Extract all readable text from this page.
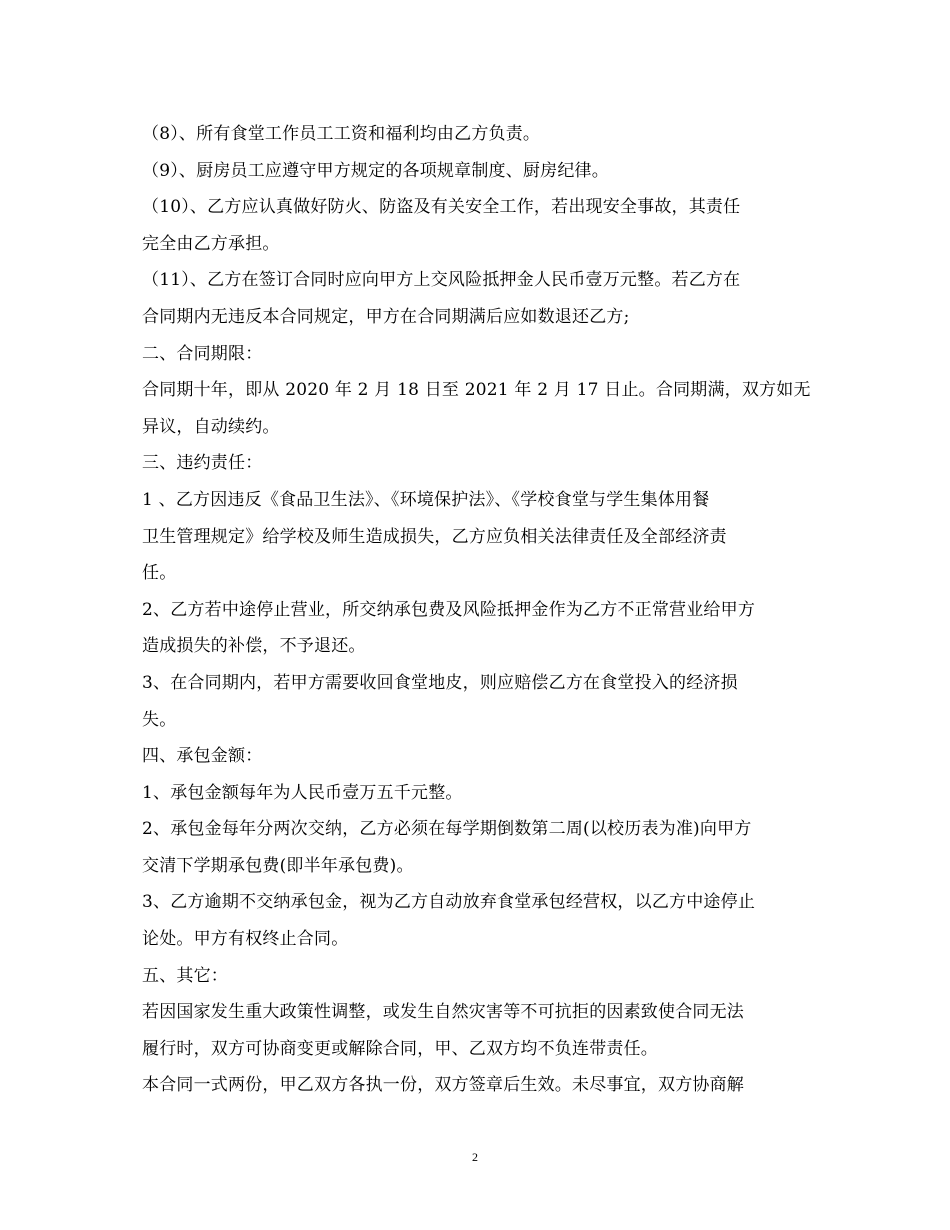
（8）、所有食堂工作员工工资和福利均由乙方负责。
（9）、厨房员工应遵守甲方规定的各项规章制度、厨房纪律。
（10）、乙方应认真做好防火、防盗及有关安全工作，若出现安全事故，其责任
完全由乙方承担。
（11）、乙方在签订合同时应向甲方上交风险抵押金人民币壹万元整。若乙方在
合同期内无违反本合同规定，甲方在合同期满后应如数退还乙方;
二、合同期限：
合同期十年，即从 2020 年 2 月 18 日至 2021 年 2 月 17 日止。合同期满，双方如无
异议，自动续约。
三、违约责任：
1 、乙方因违反《食品卫生法》、《环境保护法》、《学校食堂与学生集体用餐
卫生管理规定》给学校及师生造成损失，乙方应负相关法律责任及全部经济责
任。
2、乙方若中途停止营业，所交纳承包费及风险抵押金作为乙方不正常营业给甲方
造成损失的补偿，不予退还。
3、在合同期内，若甲方需要收回食堂地皮，则应赔偿乙方在食堂投入的经济损
失。
四、承包金额：
1、承包金额每年为人民币壹万五千元整。
2、承包金每年分两次交纳，乙方必须在每学期倒数第二周(以校历表为准)向甲方
交清下学期承包费(即半年承包费)。
3、乙方逾期不交纳承包金，视为乙方自动放弃食堂承包经营权，以乙方中途停止
论处。甲方有权终止合同。
五、其它：
若因国家发生重大政策性调整，或发生自然灾害等不可抗拒的因素致使合同无法
履行时，双方可协商变更或解除合同，甲、乙双方均不负连带责任。
本合同一式两份，甲乙双方各执一份，双方签章后生效。未尽事宜，双方协商解
2
